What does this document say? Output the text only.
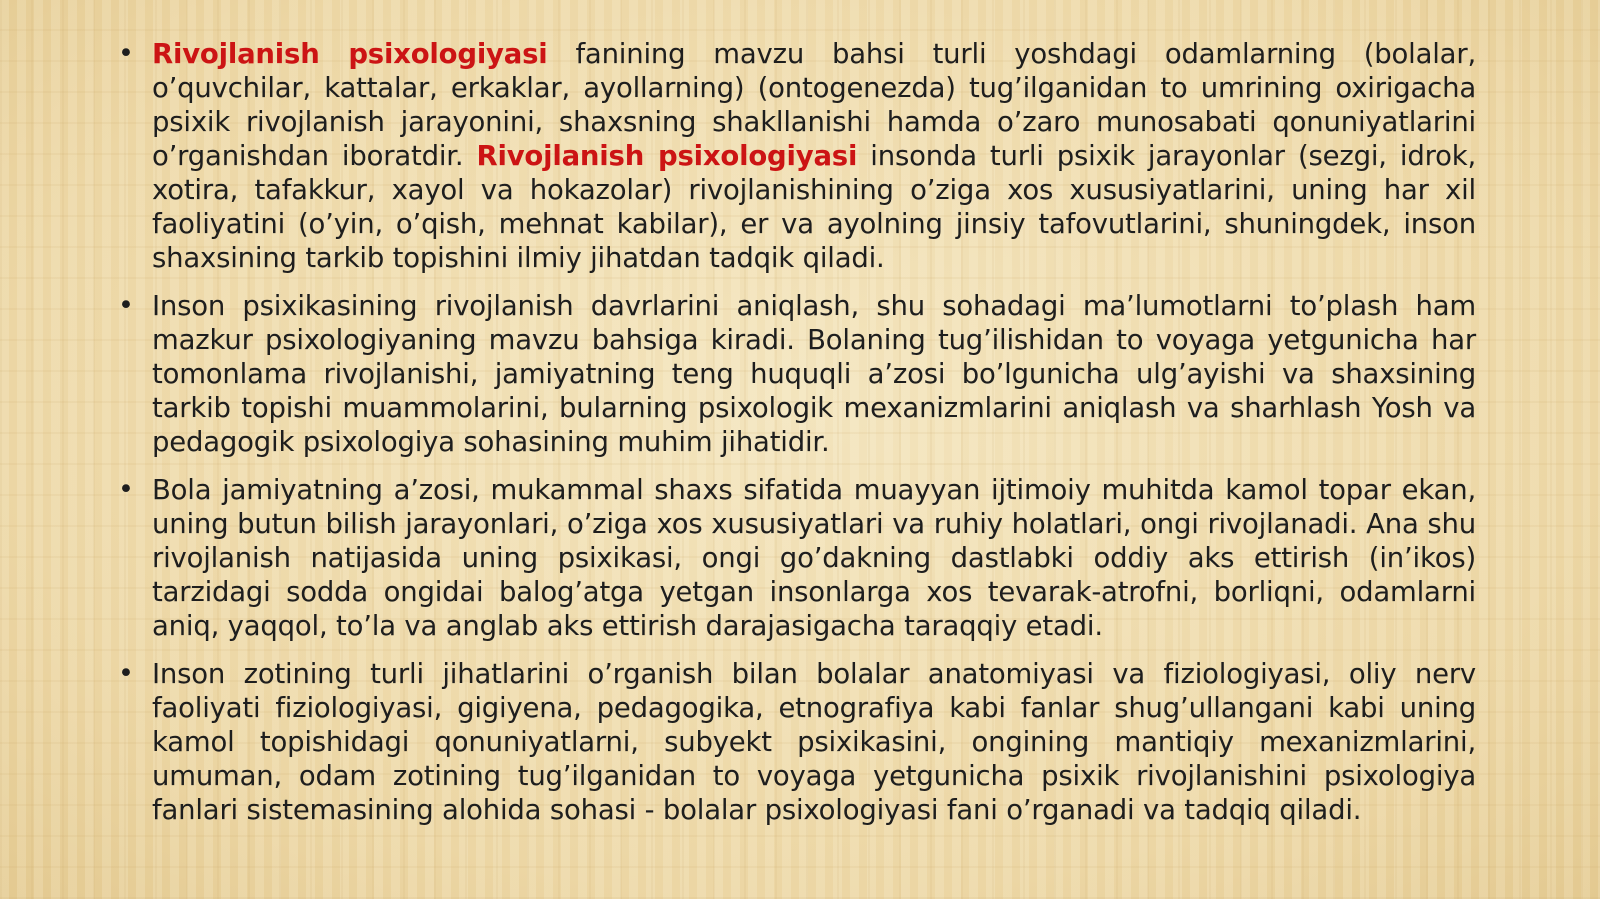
• Rivojlanish psixologiyasi fanining mavzu bahsi turli yoshdagi odamlarning (bolalar, o’quvchilar, kattalar, erkaklar, ayollarning) (ontogenezda) tug’ilganidan to umrining oxirigacha psixik rivojlanish jarayonini, shaxsning shakllanishi hamda o’zaro munosabati qonuniyatlarini o’rganishdan iboratdir. Rivojlanish psixologiyasi insonda turli psixik jarayonlar (sezgi, idrok, xotira, tafakkur, xayol va hokazolar) rivojlanishining o’ziga xos xususiyatlarini, uning har xil faoliyatini (o’yin, o’qish, mehnat kabilar), er va ayolning jinsiy tafovutlarini, shuningdek, inson shaxsining tarkib topishini ilmiy jihatdan tadqik qiladi.
• Inson psixikasining rivojlanish davrlarini aniqlash, shu sohadagi ma’lumotlarni to’plash ham mazkur psixologiyaning mavzu bahsiga kiradi. Bolaning tug’ilishidan to voyaga yetgunicha har tomonlama rivojlanishi, jamiyatning teng huquqli a’zosi bo’lgunicha ulg’ayishi va shaxsining tarkib topishi muammolarini, bularning psixologik mexanizmlarini aniqlash va sharhlash Yosh va pedagogik psixologiya sohasining muhim jihatidir.
• Bola jamiyatning a’zosi, mukammal shaxs sifatida muayyan ijtimoiy muhitda kamol topar ekan, uning butun bilish jarayonlari, o’ziga xos xususiyatlari va ruhiy holatlari, ongi rivojlanadi. Ana shu rivojlanish natijasida uning psixikasi, ongi go’dakning dastlabki oddiy aks ettirish (in’ikos) tarzidagi sodda ongidai balog’atga yetgan insonlarga xos tevarak-atrofni, borliqni, odamlarni aniq, yaqqol, to’la va anglab aks ettirish darajasigacha taraqqiy etadi.
• Inson zotining turli jihatlarini o’rganish bilan bolalar anatomiyasi va fiziologiyasi, oliy nerv faoliyati fiziologiyasi, gigiyena, pedagogika, etnografiya kabi fanlar shug’ullangani kabi uning kamol topishidagi qonuniyatlarni, subyekt psixikasini, ongining mantiqiy mexanizmlarini, umuman, odam zotining tug’ilganidan to voyaga yetgunicha psixik rivojlanishini psixologiya fanlari sistemasining alohida sohasi - bolalar psixologiyasi fani o’rganadi va tadqiq qiladi.
